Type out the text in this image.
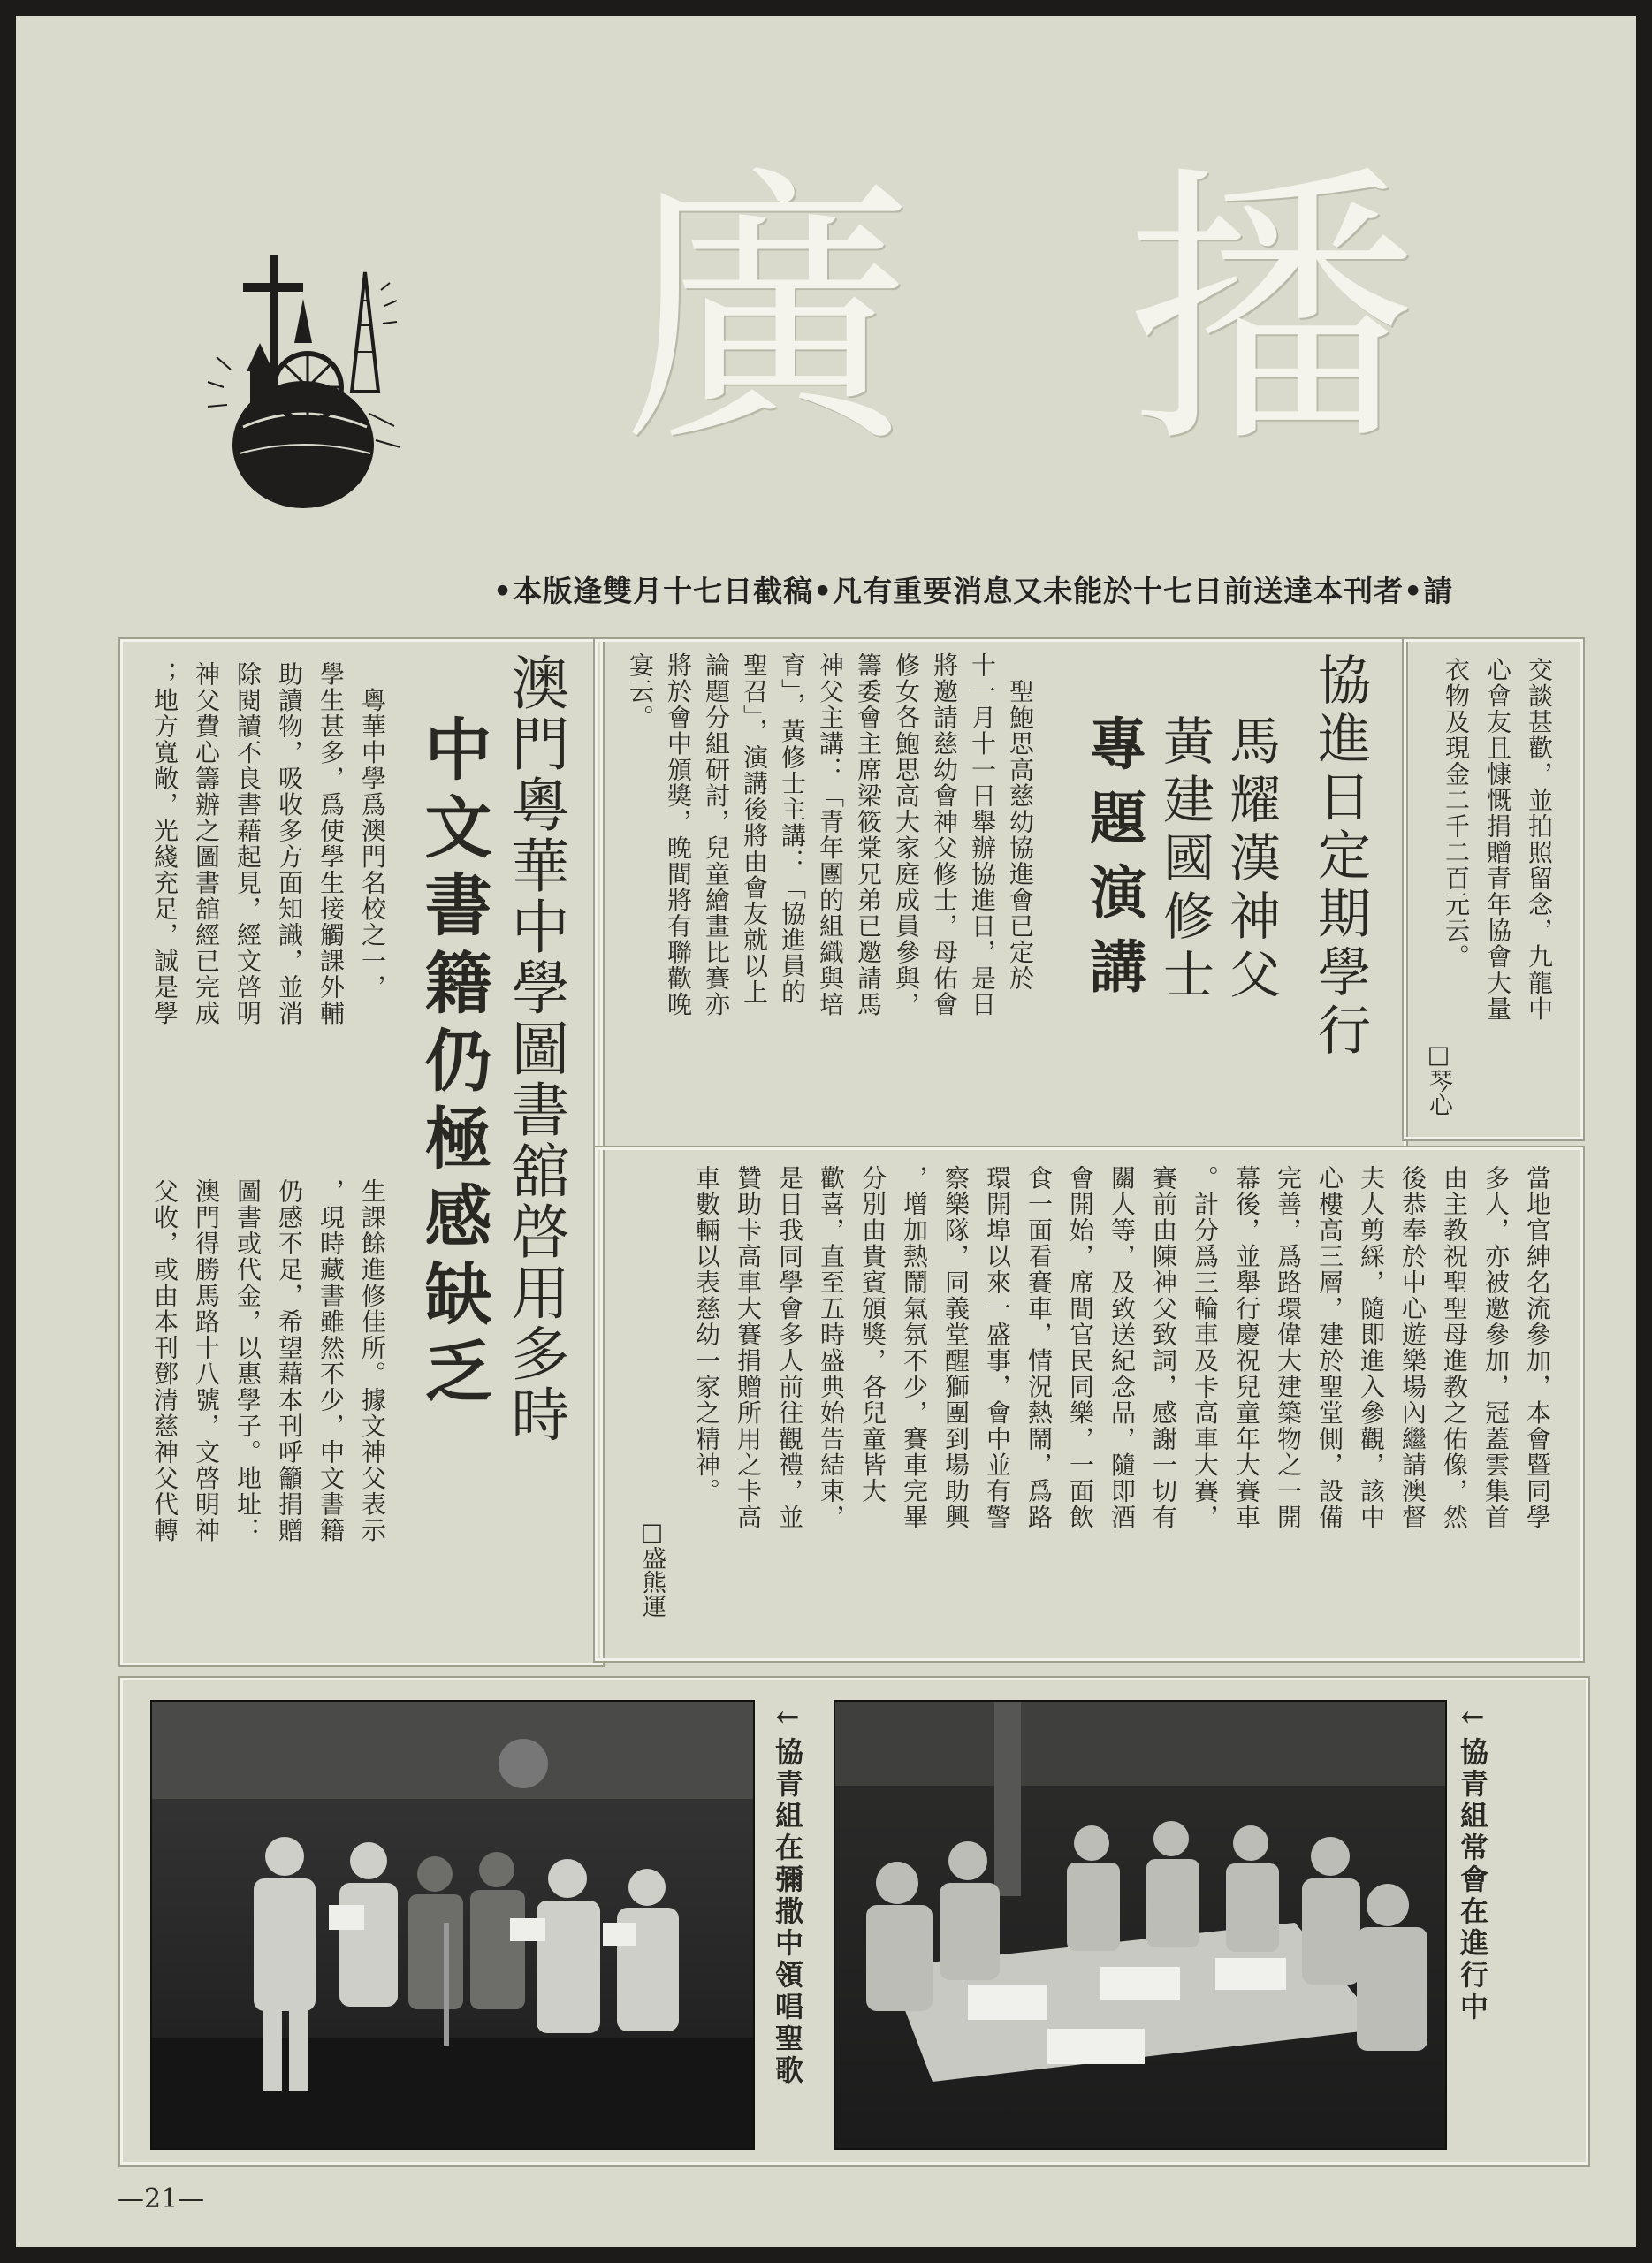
廣 播
•本版逢雙月十七日截稿•凡有重要消息又未能於十七日前送達本刊者•請
交談甚歡，並拍照留念，九龍中
心會友且慷慨捐贈青年協會大量
衣物及現金二千二百元云。
□琴心
協進日定期學行
馬耀漢神父
黃建國修士
專題演講
　聖鮑思高慈幼協進會已定於
十一月十一日舉辦協進日，是日
將邀請慈幼會神父修士，母佑會
修女各鮑思高大家庭成員參與，
籌委會主席梁筱棠兄弟已邀請馬
神父主講：「青年團的組織與培
育」，黃修士主講：「協進員的
聖召」，演講後將由會友就以上
論題分組研討，兒童繪畫比賽亦
將於會中頒獎，晚間將有聯歡晚
宴云。
澳門粵華中學圖書舘啓用多時
中文書籍仍極感缺乏
　粵華中學爲澳門名校之一，
學生甚多，爲使學生接觸課外輔
助讀物，吸收多方面知識，並消
除閱讀不良書藉起見，經文啓明
神父費心籌辦之圖書舘經已完成
；地方寬敞，光綫充足，誠是學
生課餘進修佳所。據文神父表示
，現時藏書雖然不少，中文書籍
仍感不足，希望藉本刊呼籲捐贈
圖書或代金，以惠學子。地址：
澳門得勝馬路十八號，文啓明神
父收，或由本刊鄧清慈神父代轉	當地官紳名流參加，本會暨同學
多人，亦被邀參加，冠蓋雲集首
由主教祝聖聖母進教之佑像，然
後恭奉於中心遊樂場內繼請澳督
夫人剪綵，隨即進入參觀，該中
心樓高三層，建於聖堂側，設備
完善，爲路環偉大建築物之一開
幕後，並舉行慶祝兒童年大賽車
。計分爲三輪車及卡高車大賽，
賽前由陳神父致詞，感謝一切有
關人等，及致送紀念品，隨即酒
會開始，席間官民同樂，一面飲
食一面看賽車，情況熱鬧，爲路
環開埠以來一盛事，會中並有警
察樂隊，同義堂醒獅團到場助興
，增加熱鬧氣氛不少，賽車完畢
分別由貴賓頒獎，各兒童皆大
歡喜，直至五時盛典始告結束，
是日我同學會多人前往觀禮，並
贊助卡高車大賽捐贈所用之卡高
車數輛以表慈幼一家之精神。
□盛熊運
←協青組在彌撒中領唱聖歌	←協青組常會在進行中
—21—
